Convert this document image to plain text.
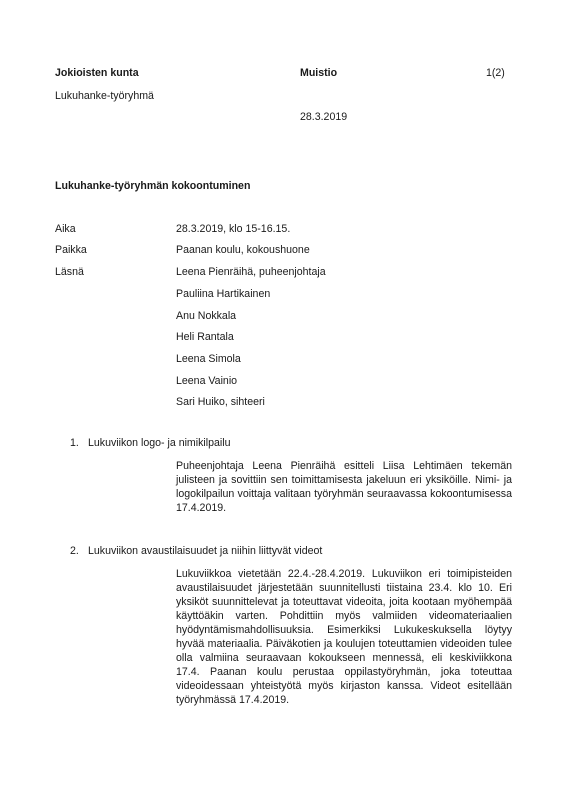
Jokioisten kunta	Muistio	1(2)
Lukuhanke-työryhmä
28.3.2019
Lukuhanke-työryhmän kokoontuminen
Aika	28.3.2019, klo 15-16.15.
Paikka	Paanan koulu, kokoushuone
Läsnä	Leena Pienräihä, puheenjohtaja
Pauliina Hartikainen
Anu Nokkala
Heli Rantala
Leena Simola
Leena Vainio
Sari Huiko, sihteeri
1. Lukuviikon logo- ja nimikilpailu

Puheenjohtaja Leena Pienräihä esitteli Liisa Lehtimäen tekemän julisteen ja sovittiin sen toimittamisesta jakeluun eri yksiköille. Nimi- ja logokilpailun voittaja valitaan työryhmän seuraavassa kokoontumisessa 17.4.2019.

2. Lukuviikon avaustilaisuudet ja niihin liittyvät videot

Lukuviikkoa vietetään 22.4.-28.4.2019. Lukuviikon eri toimipisteiden avaustilaisuudet järjestetään suunnitellusti tiistaina 23.4. klo 10. Eri yksiköt suunnittelevat ja toteuttavat videoita, joita kootaan myöhempää käyttöäkin varten. Pohdittiin myös valmiiden videomateriaalien hyödyntämismahdollisuuksia. Esimerkiksi Lukukeskuksella löytyy hyvää materiaalia. Päiväkotien ja koulujen toteuttamien videoiden tulee olla valmiina seuraavaan kokoukseen mennessä, eli keskiviikkona 17.4. Paanan koulu perustaa oppilastyöryhmän, joka toteuttaa videoidessaan yhteistyötä myös kirjaston kanssa. Videot esitellään työryhmässä 17.4.2019.
